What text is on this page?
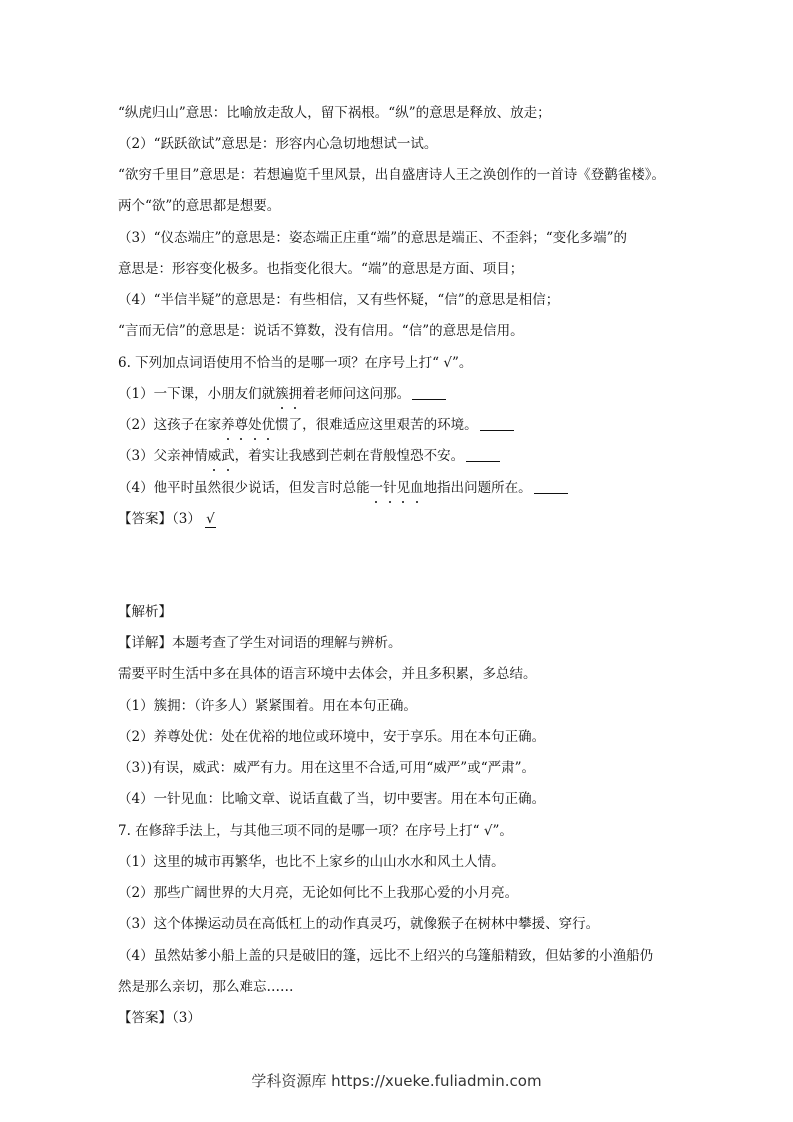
“纵虎归山”意思：比喻放走敌人，留下祸根。“纵”的意思是释放、放走；
（2）“跃跃欲试”意思是：形容内心急切地想试一试。
“欲穷千里目”意思是：若想遍览千里风景，出自盛唐诗人王之涣创作的一首诗《登鹳雀楼》。
两个“欲”的意思都是想要。
（3）“仪态端庄”的意思是：姿态端正庄重“端”的意思是端正、不歪斜；“变化多端”的
意思是：形容变化极多。也指变化很大。“端”的意思是方面、项目；
（4）“半信半疑”的意思是：有些相信，又有些怀疑，“信”的意思是相信；
“言而无信”的意思是：说话不算数，没有信用。“信”的意思是信用。
6. 下列加点词语使用不恰当的是哪一项？在序号上打“ √”。
（1）一下课，小朋友们就簇拥着老师问这问那。
（2）这孩子在家养尊处优惯了，很难适应这里艰苦的环境。
（3）父亲神情威武，着实让我感到芒刺在背般惶恐不安。
（4）他平时虽然很少说话，但发言时总能一针见血地指出问题所在。
【答案】（3） √
【解析】
【详解】本题考查了学生对词语的理解与辨析。
需要平时生活中多在具体的语言环境中去体会，并且多积累，多总结。
（1）簇拥：（许多人）紧紧围着。用在本句正确。
（2）养尊处优：处在优裕的地位或环境中，安于享乐。用在本句正确。
（3）)有误，威武：威严有力。用在这里不合适,可用“威严”或“严肃”。
（4）一针见血：比喻文章、说话直截了当，切中要害。用在本句正确。
7. 在修辞手法上，与其他三项不同的是哪一项？在序号上打“ √”。
（1）这里的城市再繁华，也比不上家乡的山山水水和风土人情。
（2）那些广阔世界的大月亮，无论如何比不上我那心爱的小月亮。
（3）这个体操运动员在高低杠上的动作真灵巧，就像猴子在树林中攀援、穿行。
（4）虽然姑爹小船上盖的只是破旧的篷，远比不上绍兴的乌篷船精致，但姑爹的小渔船仍
然是那么亲切，那么难忘……
【答案】（3）
学科资源库 https://xueke.fuliadmin.com
